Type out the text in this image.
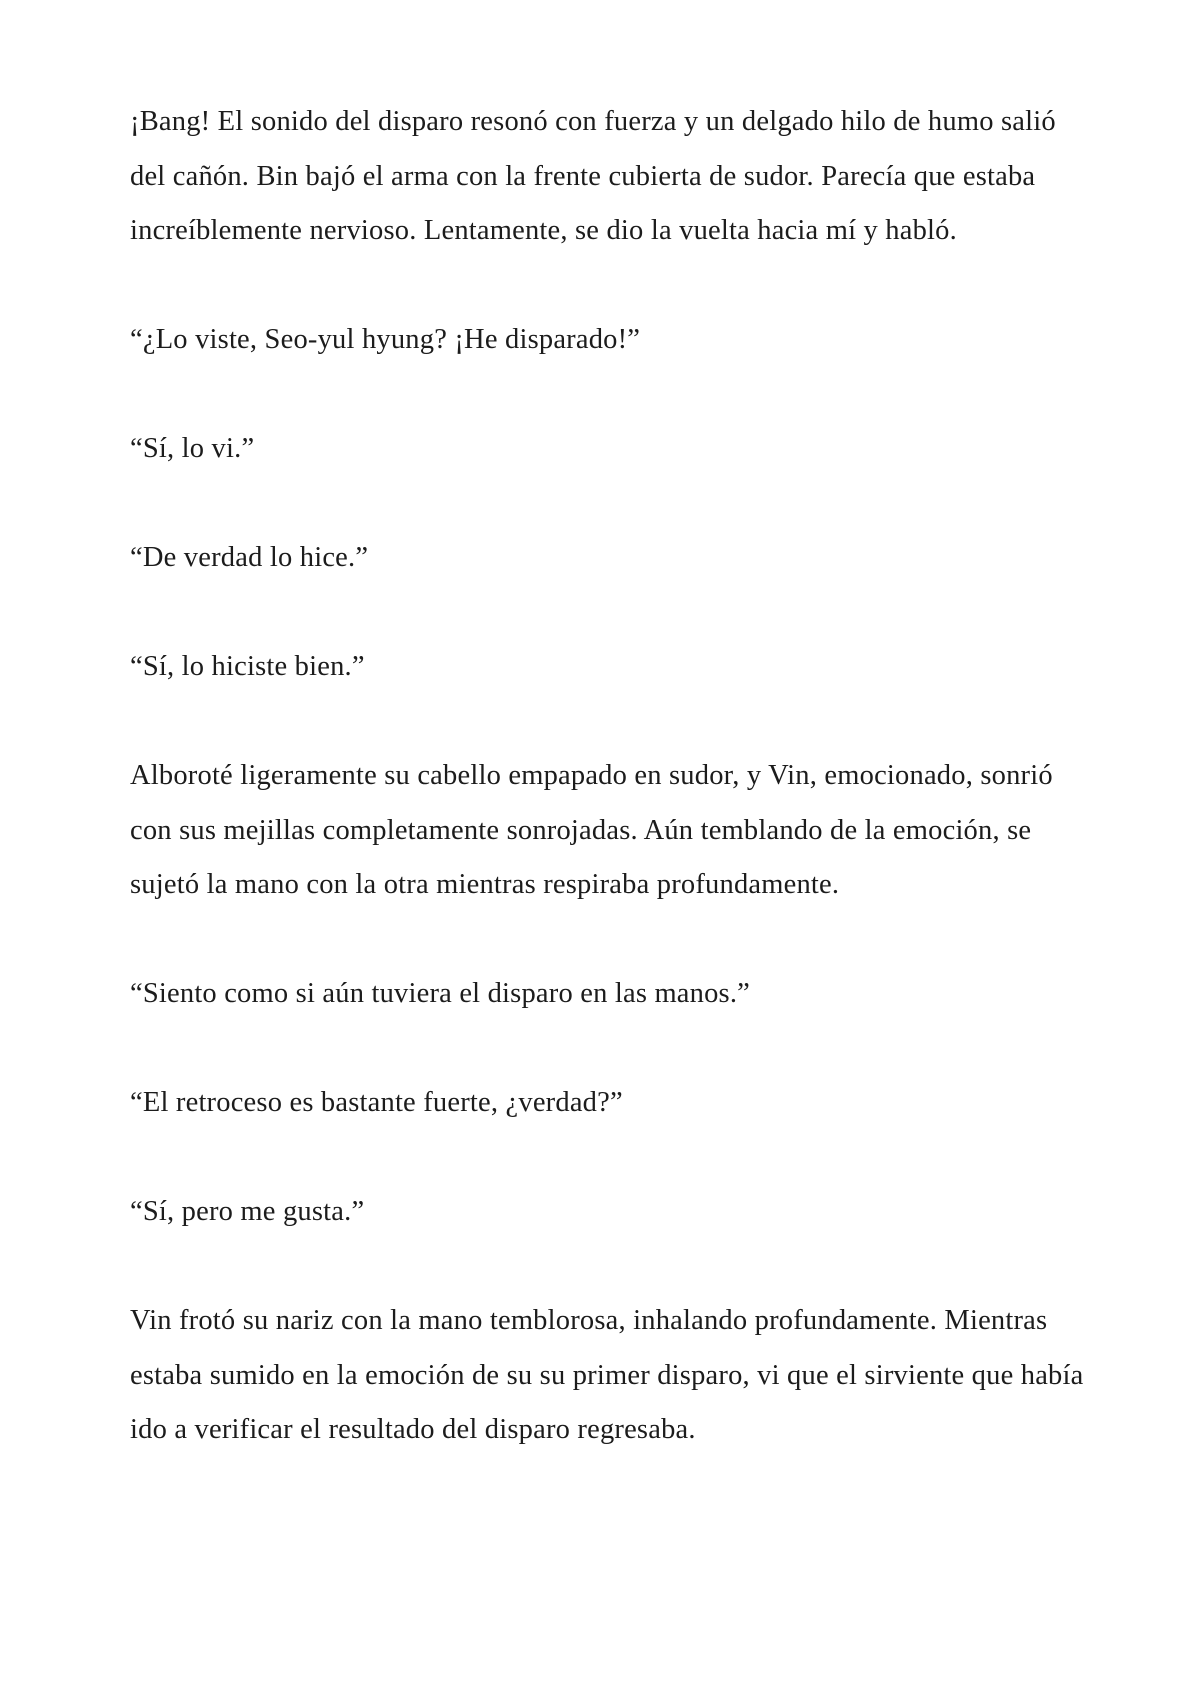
¡Bang! El sonido del disparo resonó con fuerza y un delgado hilo de humo salió del cañón. Bin bajó el arma con la frente cubierta de sudor. Parecía que estaba increíblemente nervioso. Lentamente, se dio la vuelta hacia mí y habló.

“¿Lo viste, Seo-yul hyung? ¡He disparado!”

“Sí, lo vi.”

“De verdad lo hice.”

“Sí, lo hiciste bien.”

Alboroté ligeramente su cabello empapado en sudor, y Vin, emocionado, sonrió con sus mejillas completamente sonrojadas. Aún temblando de la emoción, se sujetó la mano con la otra mientras respiraba profundamente.

“Siento como si aún tuviera el disparo en las manos.”

“El retroceso es bastante fuerte, ¿verdad?”

“Sí, pero me gusta.”

Vin frotó su nariz con la mano temblorosa, inhalando profundamente. Mientras estaba sumido en la emoción de su su primer disparo, vi que el sirviente que había ido a verificar el resultado del disparo regresaba.
